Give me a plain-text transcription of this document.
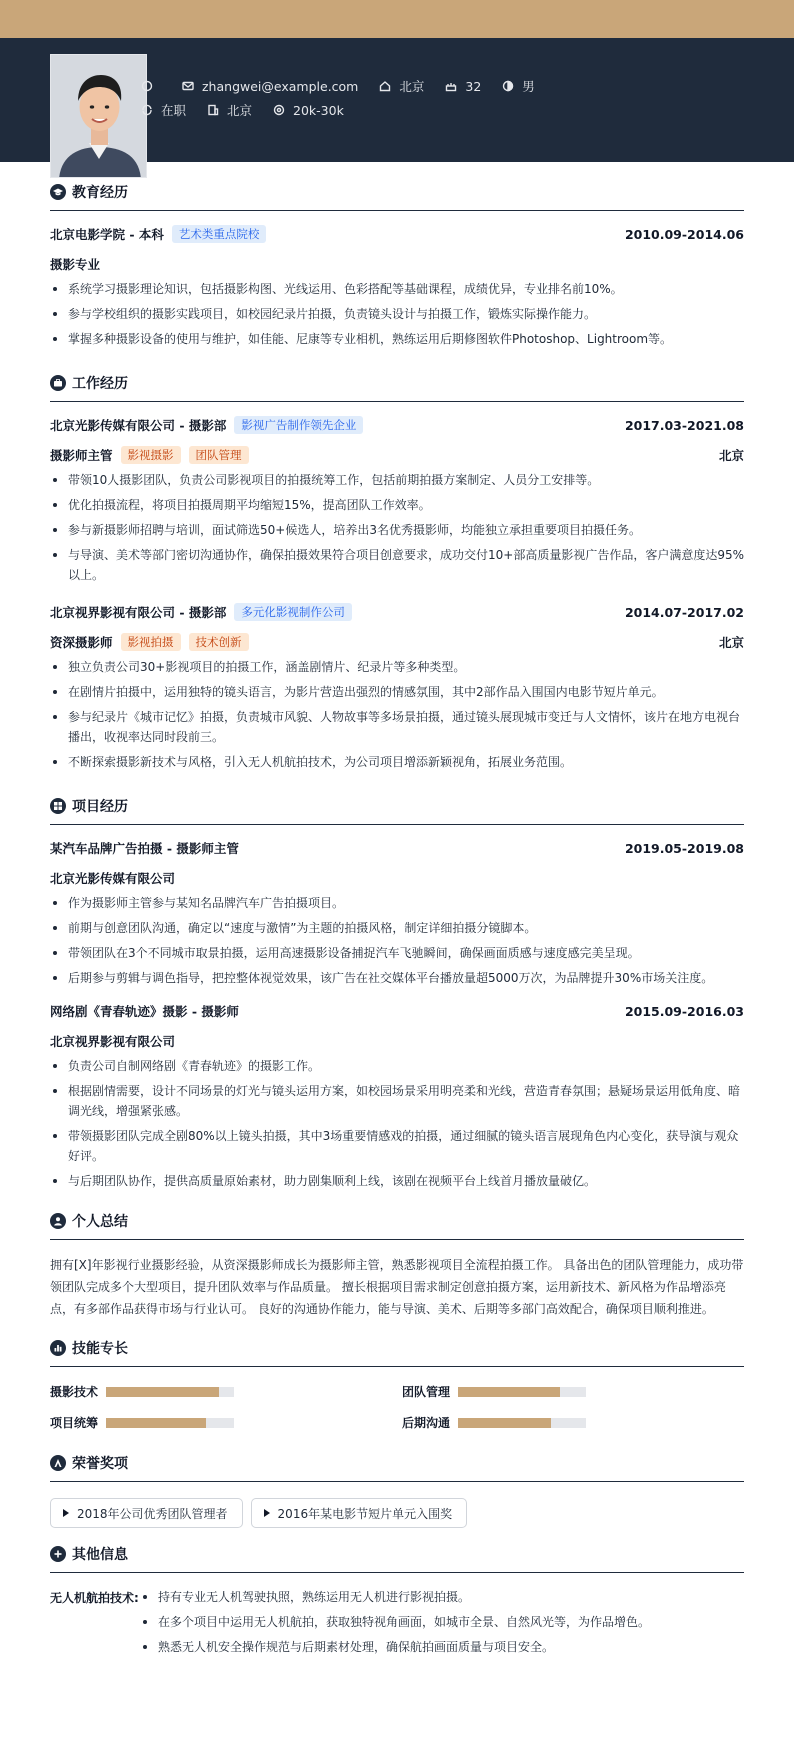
zhangwei@example.com	北京	32	男
在职	北京	20k-30k
教育经历
北京电影学院 - 本科	艺术类重点院校	2010.09-2014.06
摄影专业
系统学习摄影理论知识，包括摄影构图、光线运用、色彩搭配等基础课程，成绩优异，专业排名前10%。
参与学校组织的摄影实践项目，如校园纪录片拍摄，负责镜头设计与拍摄工作，锻炼实际操作能力。
掌握多种摄影设备的使用与维护，如佳能、尼康等专业相机，熟练运用后期修图软件Photoshop、Lightroom等。
工作经历
北京光影传媒有限公司 - 摄影部	影视广告制作领先企业	2017.03-2021.08
摄影师主管	影视摄影	团队管理	北京
带领10人摄影团队，负责公司影视项目的拍摄统筹工作，包括前期拍摄方案制定、人员分工安排等。
优化拍摄流程，将项目拍摄周期平均缩短15%，提高团队工作效率。
参与新摄影师招聘与培训，面试筛选50+候选人，培养出3名优秀摄影师，均能独立承担重要项目拍摄任务。
与导演、美术等部门密切沟通协作，确保拍摄效果符合项目创意要求，成功交付10+部高质量影视广告作品，客户满意度达95%以上。
北京视界影视有限公司 - 摄影部	多元化影视制作公司	2014.07-2017.02
资深摄影师	影视拍摄	技术创新	北京
独立负责公司30+影视项目的拍摄工作，涵盖剧情片、纪录片等多种类型。
在剧情片拍摄中，运用独特的镜头语言，为影片营造出强烈的情感氛围，其中2部作品入围国内电影节短片单元。
参与纪录片《城市记忆》拍摄，负责城市风貌、人物故事等多场景拍摄，通过镜头展现城市变迁与人文情怀，该片在地方电视台播出，收视率达同时段前三。
不断探索摄影新技术与风格，引入无人机航拍技术，为公司项目增添新颖视角，拓展业务范围。
项目经历
某汽车品牌广告拍摄 - 摄影师主管	2019.05-2019.08
北京光影传媒有限公司
作为摄影师主管参与某知名品牌汽车广告拍摄项目。
前期与创意团队沟通，确定以“速度与激情”为主题的拍摄风格，制定详细拍摄分镜脚本。
带领团队在3个不同城市取景拍摄，运用高速摄影设备捕捉汽车飞驰瞬间，确保画面质感与速度感完美呈现。
后期参与剪辑与调色指导，把控整体视觉效果，该广告在社交媒体平台播放量超5000万次，为品牌提升30%市场关注度。
网络剧《青春轨迹》摄影 - 摄影师	2015.09-2016.03
北京视界影视有限公司
负责公司自制网络剧《青春轨迹》的摄影工作。
根据剧情需要，设计不同场景的灯光与镜头运用方案，如校园场景采用明亮柔和光线，营造青春氛围；悬疑场景运用低角度、暗调光线，增强紧张感。
带领摄影团队完成全剧80%以上镜头拍摄，其中3场重要情感戏的拍摄，通过细腻的镜头语言展现角色内心变化，获导演与观众好评。
与后期团队协作，提供高质量原始素材，助力剧集顺利上线，该剧在视频平台上线首月播放量破亿。
个人总结

拥有[X]年影视行业摄影经验，从资深摄影师成长为摄影师主管，熟悉影视项目全流程拍摄工作。 具备出色的团队管理能力，成功带领团队完成多个大型项目，提升团队效率与作品质量。 擅长根据项目需求制定创意拍摄方案，运用新技术、新风格为作品增添亮点，有多部作品获得市场与行业认可。 良好的沟通协作能力，能与导演、美术、后期等多部门高效配合，确保项目顺利推进。

技能专长
摄影技术	团队管理
项目统筹	后期沟通
荣誉奖项
2018年公司优秀团队管理者	2016年某电影节短片单元入围奖
其他信息
无人机航拍技术:	持有专业无人机驾驶执照，熟练运用无人机进行影视拍摄。
在多个项目中运用无人机航拍，获取独特视角画面，如城市全景、自然风光等，为作品增色。
熟悉无人机安全操作规范与后期素材处理，确保航拍画面质量与项目安全。
